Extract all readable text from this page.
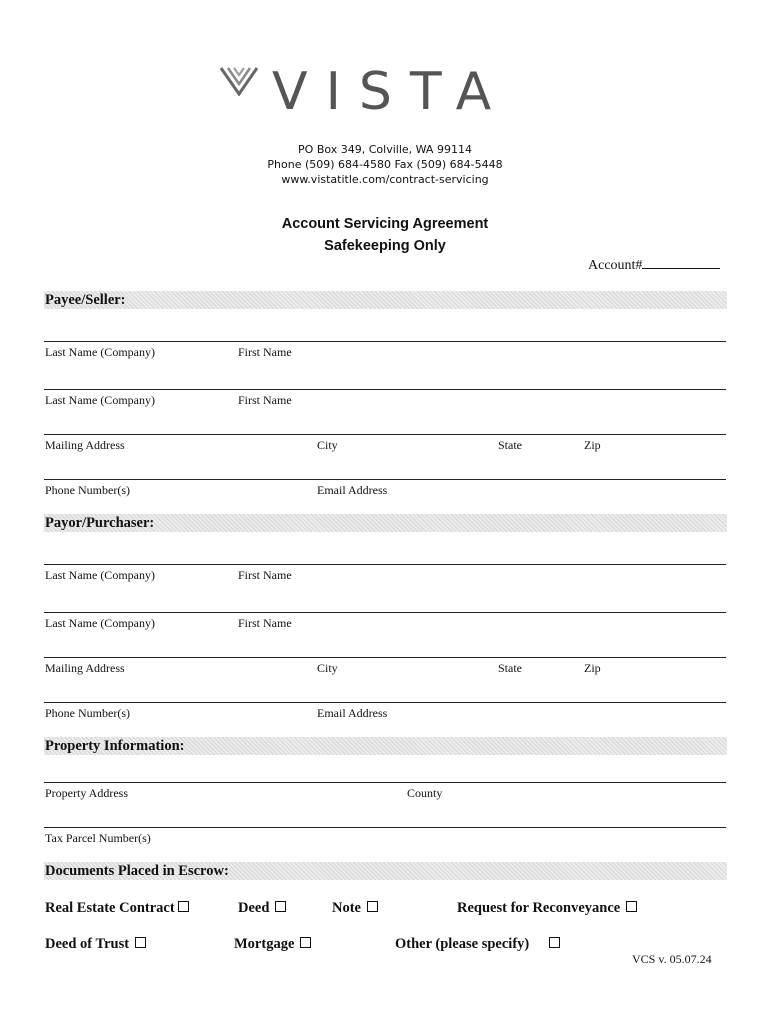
VISTA
PO Box 349, Colville, WA 99114
Phone (509) 684-4580 Fax (509) 684-5448
www.vistatitle.com/contract-servicing
Account Servicing Agreement
Safekeeping Only
Account#
Payee/Seller:
Last Name (Company)	First Name
Last Name (Company)	First Name
Mailing Address	City	State	Zip
Phone Number(s)	Email Address
Payor/Purchaser:
Last Name (Company)	First Name
Last Name (Company)	First Name
Mailing Address	City	State	Zip
Phone Number(s)	Email Address
Property Information:
Property Address	County
Tax Parcel Number(s)
Documents Placed in Escrow:
Real Estate Contract	Deed	Note	Request for Reconveyance
Deed of Trust	Mortgage	Other (please specify)
VCS v. 05.07.24
